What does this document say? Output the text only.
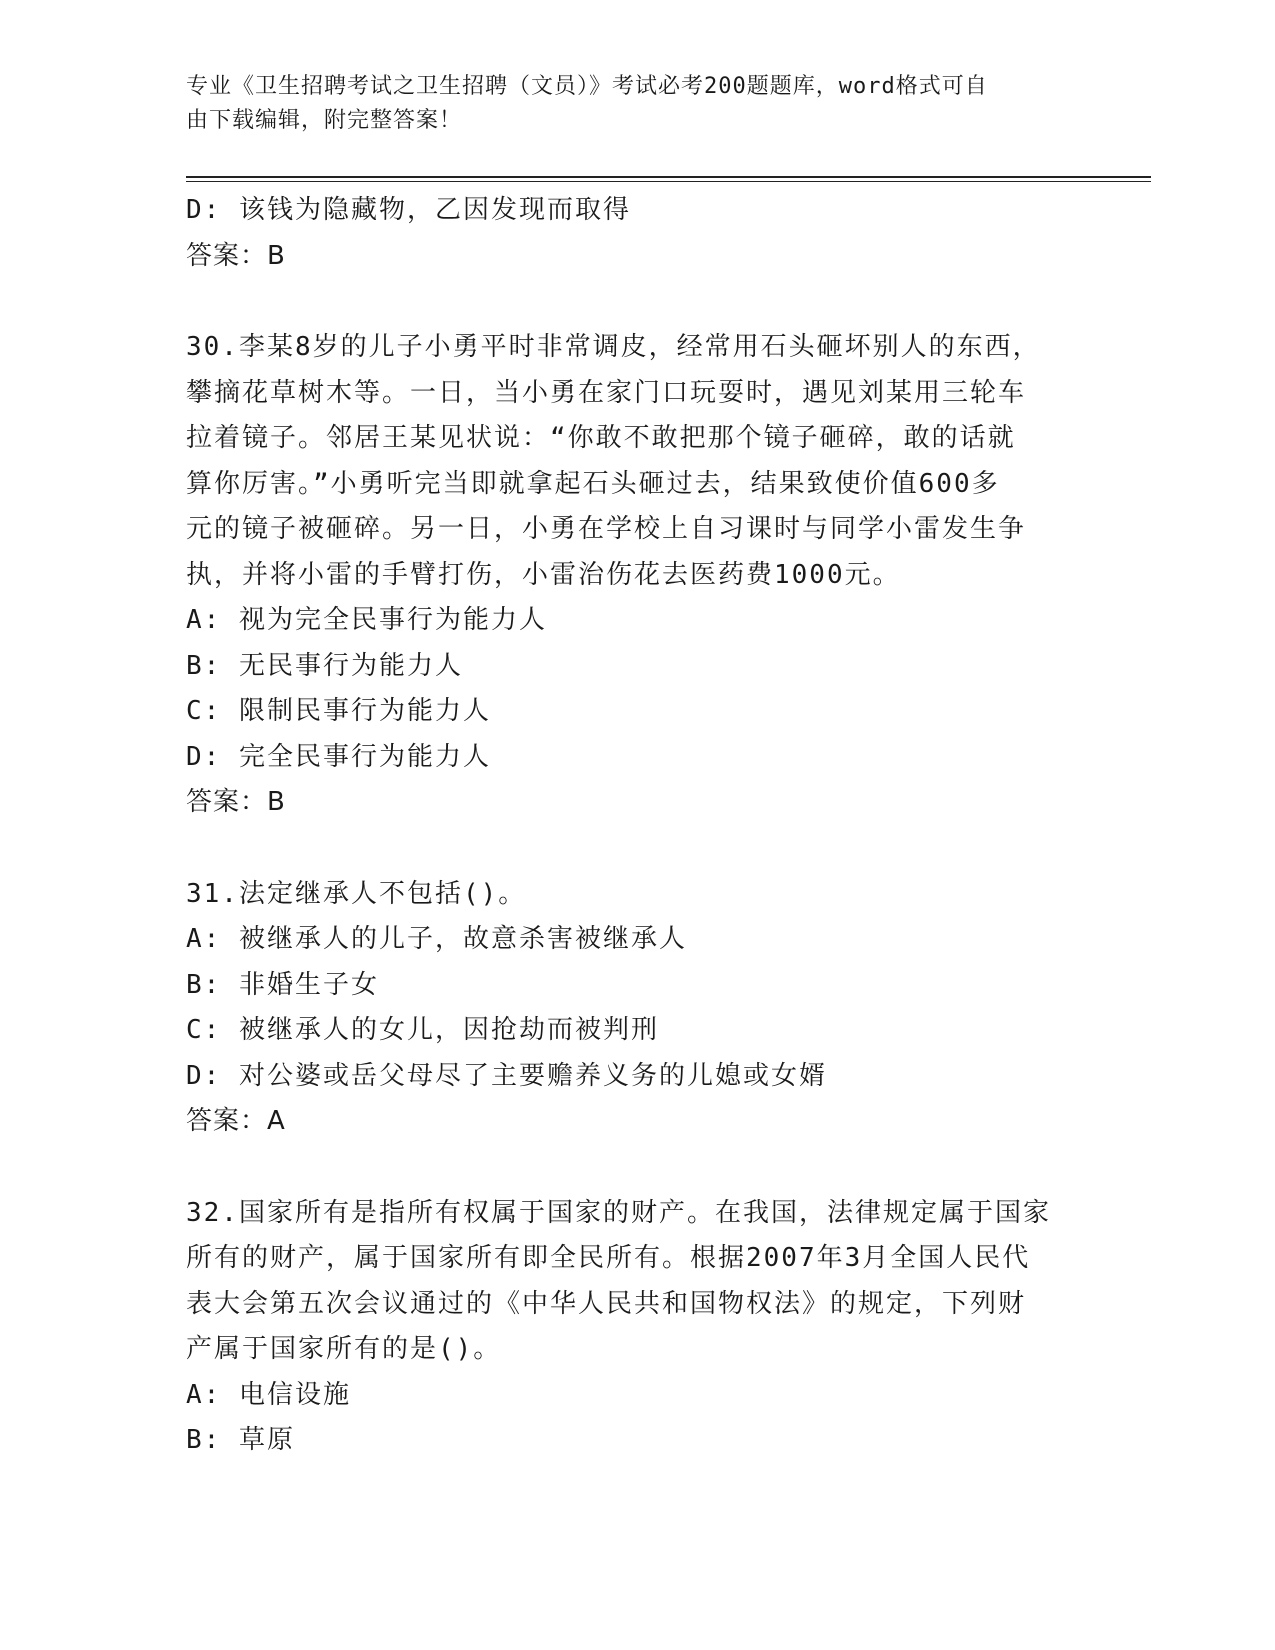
专业《卫生招聘考试之卫生招聘（文员）》考试必考200题题库，word格式可自
由下载编辑，附完整答案！
D: 该钱为隐藏物，乙因发现而取得
答案：B
30.李某8岁的儿子小勇平时非常调皮，经常用石头砸坏别人的东西，
攀摘花草树木等。一日，当小勇在家门口玩耍时，遇见刘某用三轮车
拉着镜子。邻居王某见状说：“你敢不敢把那个镜子砸碎，敢的话就
算你厉害。”小勇听完当即就拿起石头砸过去，结果致使价值600多
元的镜子被砸碎。另一日，小勇在学校上自习课时与同学小雷发生争
执，并将小雷的手臂打伤，小雷治伤花去医药费1000元。
A: 视为完全民事行为能力人
B: 无民事行为能力人
C: 限制民事行为能力人
D: 完全民事行为能力人
答案：B
31.法定继承人不包括()。
A: 被继承人的儿子，故意杀害被继承人
B: 非婚生子女
C: 被继承人的女儿，因抢劫而被判刑
D: 对公婆或岳父母尽了主要赡养义务的儿媳或女婿
答案：A
32.国家所有是指所有权属于国家的财产。在我国，法律规定属于国家
所有的财产，属于国家所有即全民所有。根据2007年3月全国人民代
表大会第五次会议通过的《中华人民共和国物权法》的规定，下列财
产属于国家所有的是()。
A: 电信设施
B: 草原
